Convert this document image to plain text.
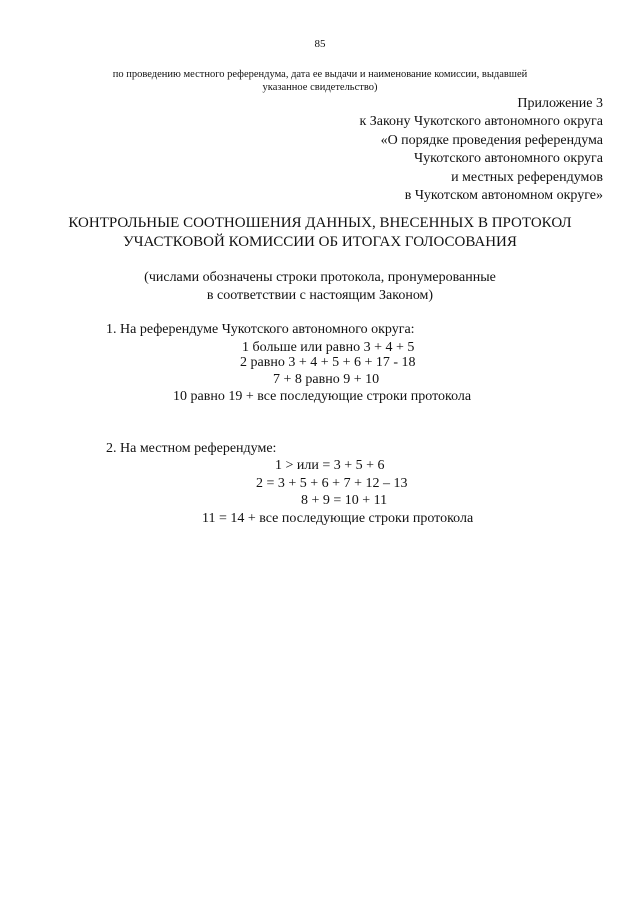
85
по проведению местного референдума, дата ее выдачи и наименование комиссии, выдавшей
указанное свидетельство)
Приложение 3
к Закону Чукотского автономного округа
«О порядке проведения референдума
Чукотского автономного округа
и местных референдумов
в Чукотском автономном округе»
КОНТРОЛЬНЫЕ СООТНОШЕНИЯ ДАННЫХ, ВНЕСЕННЫХ В ПРОТОКОЛ
УЧАСТКОВОЙ КОМИССИИ ОБ ИТОГАХ ГОЛОСОВАНИЯ
(числами обозначены строки протокола, пронумерованные
в соответствии с настоящим Законом)
1. На референдуме Чукотского автономного округа:
1 больше или равно 3 + 4 + 5
2 равно 3 + 4 + 5 + 6 + 17 - 18
7 + 8 равно 9 + 10
10 равно 19 + все последующие строки протокола
2. На местном референдуме:
1 > или = 3 + 5 + 6
2 = 3 + 5 + 6 + 7 + 12 – 13
8 + 9 = 10 + 11
11 = 14 + все последующие строки протокола
